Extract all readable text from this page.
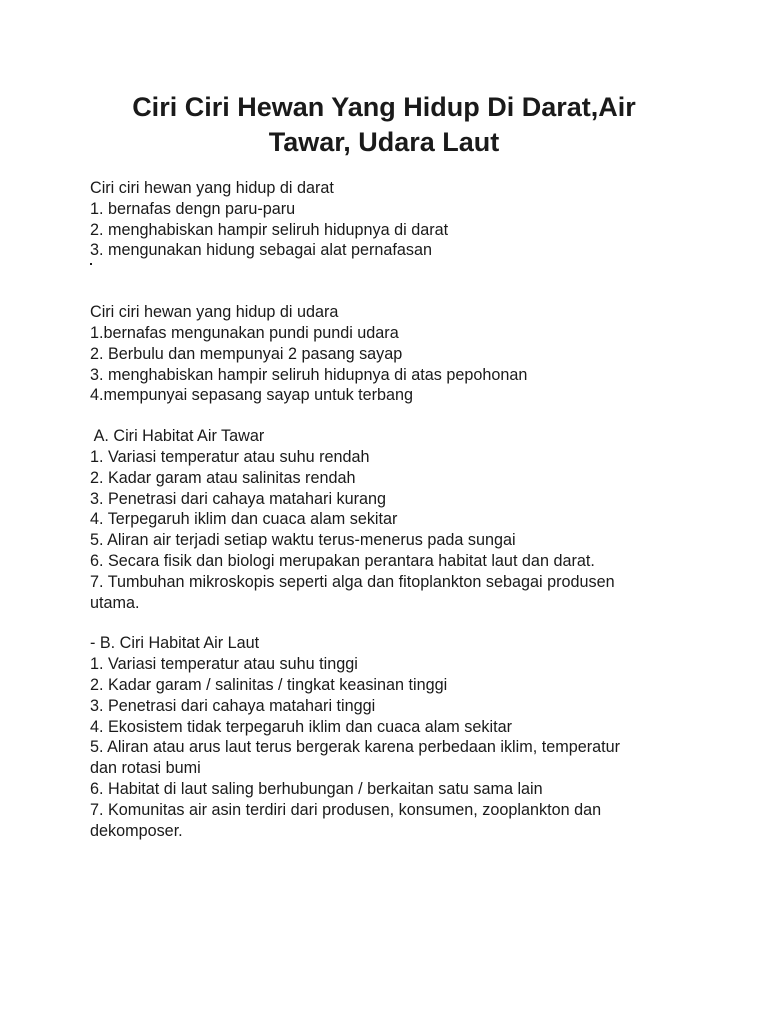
Ciri Ciri Hewan Yang Hidup Di Darat,Air
Tawar, Udara Laut

Ciri ciri hewan yang hidup di darat

1. bernafas dengn paru-paru

2. menghabiskan hampir seliruh hidupnya di darat

3. mengunakan hidung sebagai alat pernafasan

Ciri ciri hewan yang hidup di udara

1.bernafas mengunakan pundi pundi udara

2. Berbulu dan mempunyai 2 pasang sayap

3. menghabiskan hampir seliruh hidupnya di atas pepohonan

4.mempunyai sepasang sayap untuk terbang

A. Ciri Habitat Air Tawar

1. Variasi temperatur atau suhu rendah

2. Kadar garam atau salinitas rendah

3. Penetrasi dari cahaya matahari kurang

4. Terpegaruh iklim dan cuaca alam sekitar

5. Aliran air terjadi setiap waktu terus-menerus pada sungai

6. Secara fisik dan biologi merupakan perantara habitat laut dan darat.

7. Tumbuhan mikroskopis seperti alga dan fitoplankton sebagai produsen

utama.

- B. Ciri Habitat Air Laut

1. Variasi temperatur atau suhu tinggi

2. Kadar garam / salinitas / tingkat keasinan tinggi

3. Penetrasi dari cahaya matahari tinggi

4. Ekosistem tidak terpegaruh iklim dan cuaca alam sekitar

5. Aliran atau arus laut terus bergerak karena perbedaan iklim, temperatur

dan rotasi bumi

6. Habitat di laut saling berhubungan / berkaitan satu sama lain

7. Komunitas air asin terdiri dari produsen, konsumen, zooplankton dan

dekomposer.
